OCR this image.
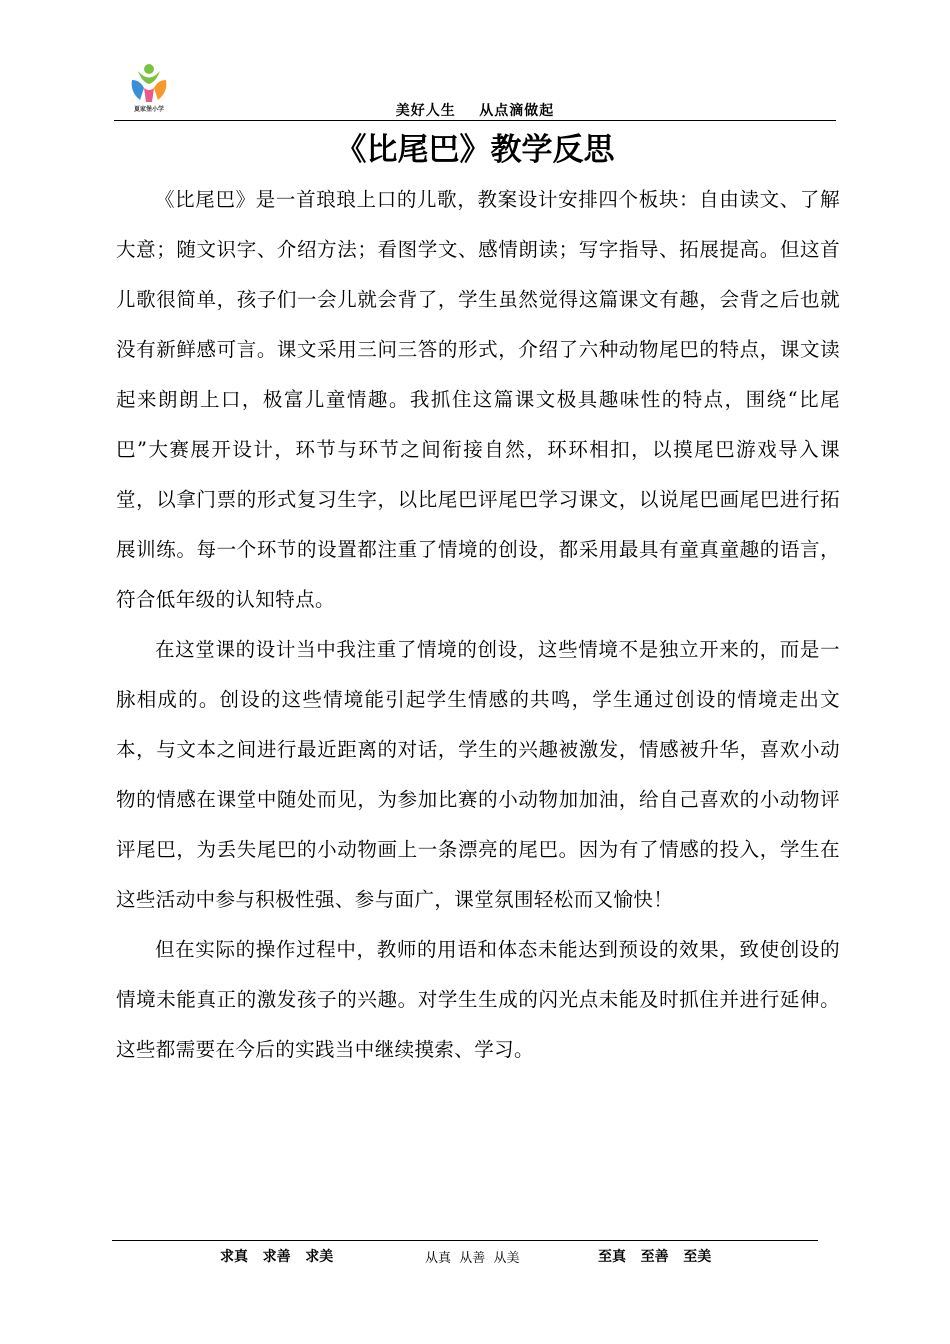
夏家堡小学	美好人生    从点滴做起
《比尾巴》教学反思

《比尾巴》是一首琅琅上口的儿歌，教案设计安排四个板块：自由读文、了解大意；随文识字、介绍方法；看图学文、感情朗读；写字指导、拓展提高。但这首儿歌很简单，孩子们一会儿就会背了，学生虽然觉得这篇课文有趣，会背之后也就没有新鲜感可言。课文采用三问三答的形式，介绍了六种动物尾巴的特点，课文读起来朗朗上口，极富儿童情趣。我抓住这篇课文极具趣味性的特点，围绕“比尾巴”大赛展开设计，环节与环节之间衔接自然，环环相扣，以摸尾巴游戏导入课堂，以拿门票的形式复习生字，以比尾巴评尾巴学习课文，以说尾巴画尾巴进行拓展训练。每一个环节的设置都注重了情境的创设，都采用最具有童真童趣的语言，符合低年级的认知特点。

在这堂课的设计当中我注重了情境的创设，这些情境不是独立开来的，而是一脉相成的。创设的这些情境能引起学生情感的共鸣，学生通过创设的情境走出文本，与文本之间进行最近距离的对话，学生的兴趣被激发，情感被升华，喜欢小动物的情感在课堂中随处而见，为参加比赛的小动物加加油，给自己喜欢的小动物评评尾巴，为丢失尾巴的小动物画上一条漂亮的尾巴。因为有了情感的投入，学生在这些活动中参与积极性强、参与面广，课堂氛围轻松而又愉快！

但在实际的操作过程中，教师的用语和体态未能达到预设的效果，致使创设的情境未能真正的激发孩子的兴趣。对学生生成的闪光点未能及时抓住并进行延伸。这些都需要在今后的实践当中继续摸索、学习。

求真   求善   求美	从真  从善  从美	至真   至善   至美
